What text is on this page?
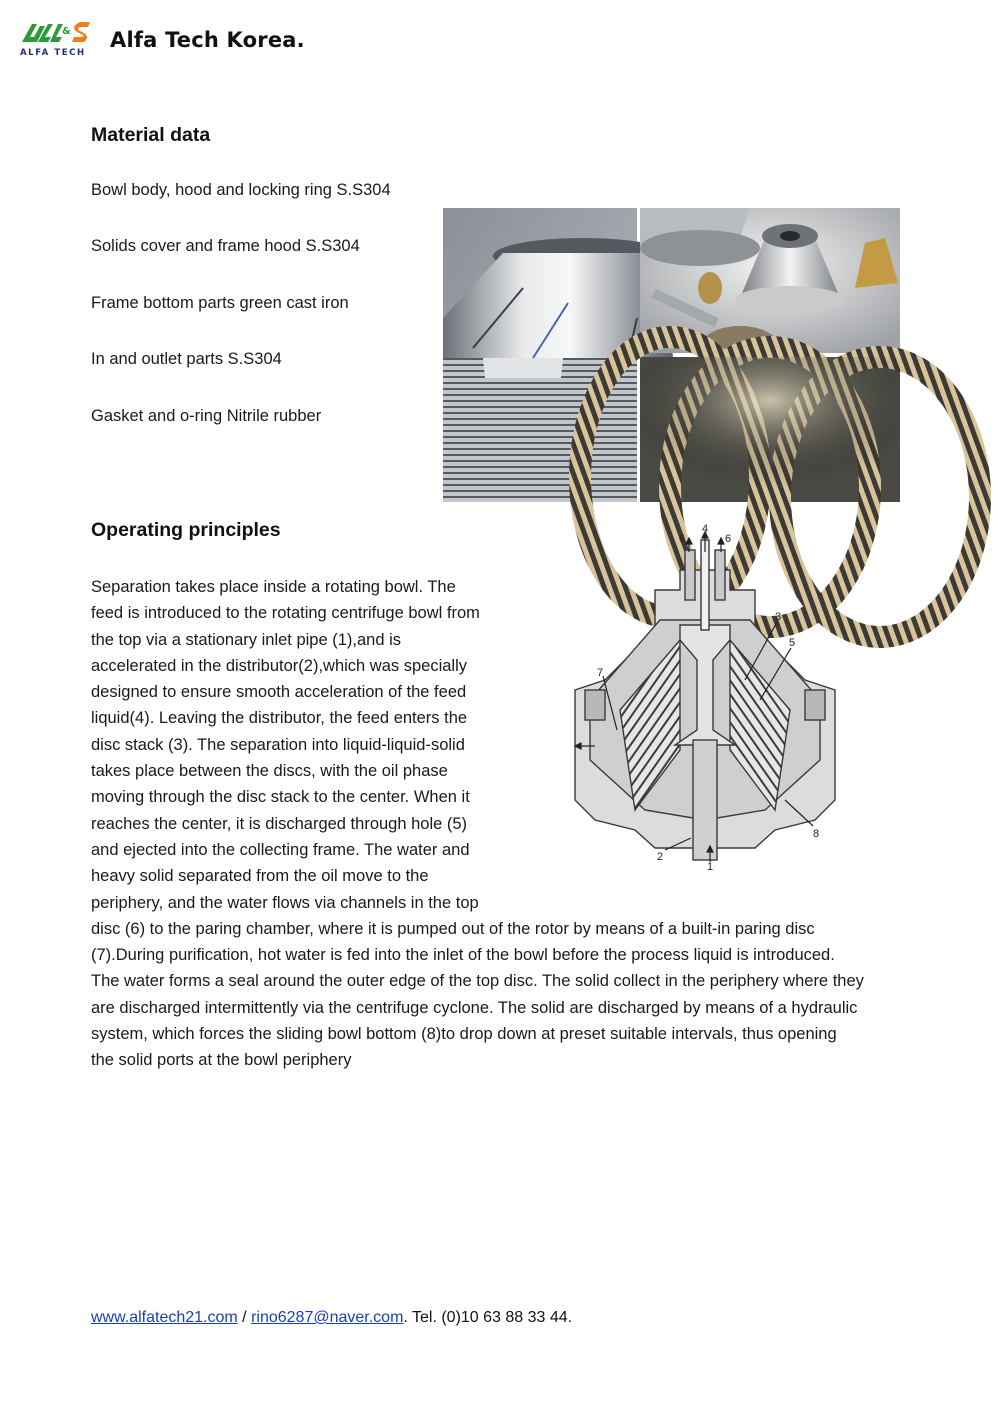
&
ALFA TECH
Alfa Tech Korea.
Material data
Bowl body, hood and locking ring S.S304
Solids cover and frame hood S.S304
Frame bottom parts green cast iron
In and outlet parts S.S304
Gasket and o-ring Nitrile rubber
Operating principles
Separation takes place inside a rotating bowl. The
feed is introduced to the rotating centrifuge bowl from
the top via a stationary inlet pipe (1),and is
accelerated in the distributor(2),which was specially
designed to ensure smooth acceleration of the feed
liquid(4). Leaving the distributor, the feed enters the
disc stack (3). The separation into liquid-liquid-solid
takes place between the discs, with the oil phase
moving through the disc stack to the center. When it
reaches the center, it is discharged through hole (5)
and ejected into the collecting frame. The water and
heavy solid separated from the oil move to the
periphery, and the water flows via channels in the top
disc (6) to the paring chamber, where it is pumped out of the rotor by means of a built-in paring disc
(7).During purification, hot water is fed into the inlet of the bowl before the process liquid is introduced.
The water forms a seal around the outer edge of the top disc. The solid collect in the periphery where they
are discharged intermittently via the centrifuge cyclone. The solid are discharged by means of a hydraulic
system, which forces the sliding bowl bottom (8)to drop down at preset suitable intervals, thus opening
the solid ports at the bowl periphery
6
4
6
3
5
7
8
2
1
www.alfatech21.com / rino6287@naver.com. Tel. (0)10 63 88 33 44.
